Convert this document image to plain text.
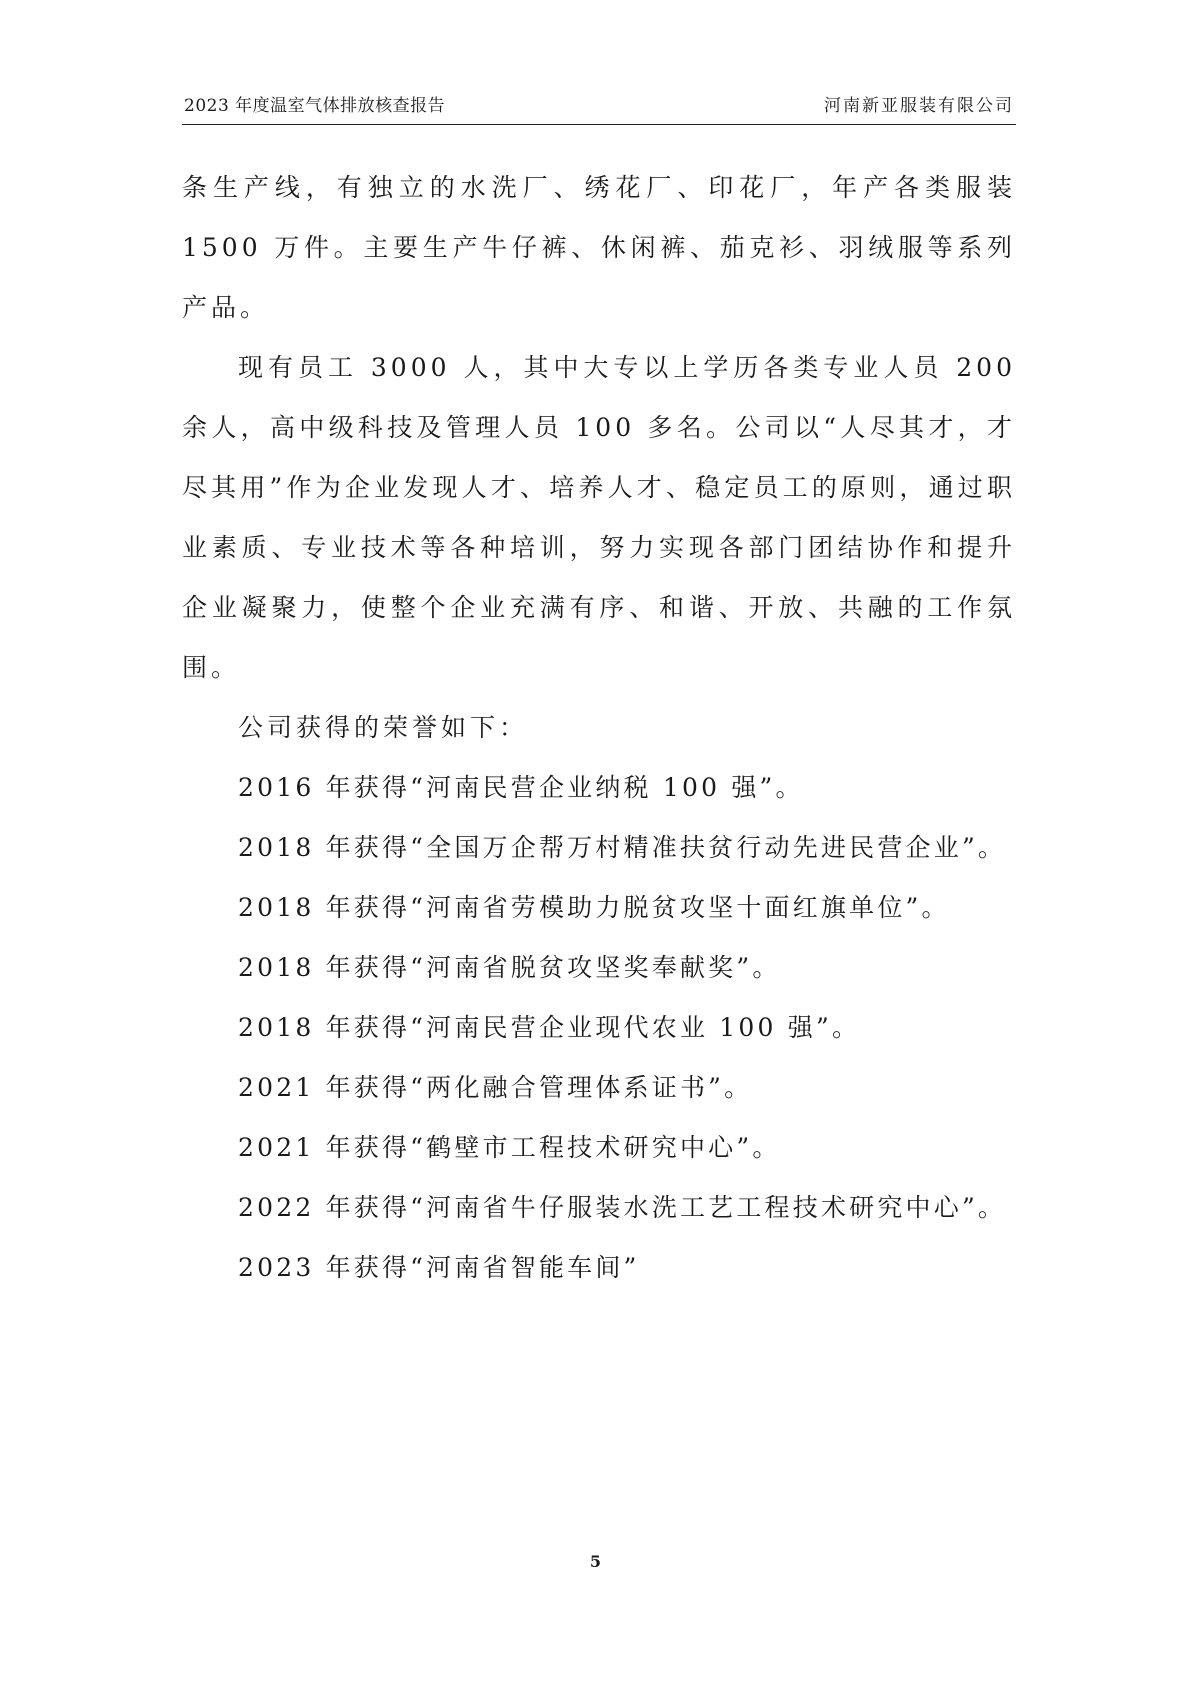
2023 年度温室气体排放核查报告	河南新亚服装有限公司

条生产线，有独立的水洗厂、绣花厂、印花厂，年产各类服装 1500 万件。主要生产牛仔裤、休闲裤、茄克衫、羽绒服等系列产品。

现有员工 3000 人，其中大专以上学历各类专业人员 200 余人，高中级科技及管理人员 100 多名。公司以“人尽其才，才尽其用”作为企业发现人才、培养人才、稳定员工的原则，通过职业素质、专业技术等各种培训，努力实现各部门团结协作和提升企业凝聚力，使整个企业充满有序、和谐、开放、共融的工作氛围。

公司获得的荣誉如下：

2016 年获得“河南民营企业纳税 100 强”。

2018 年获得“全国万企帮万村精准扶贫行动先进民营企业”。

2018 年获得“河南省劳模助力脱贫攻坚十面红旗单位”。

2018 年获得“河南省脱贫攻坚奖奉献奖”。

2018 年获得“河南民营企业现代农业 100 强”。

2021 年获得“两化融合管理体系证书”。

2021 年获得“鹤壁市工程技术研究中心”。

2022 年获得“河南省牛仔服装水洗工艺工程技术研究中心”。

2023 年获得“河南省智能车间”

5
